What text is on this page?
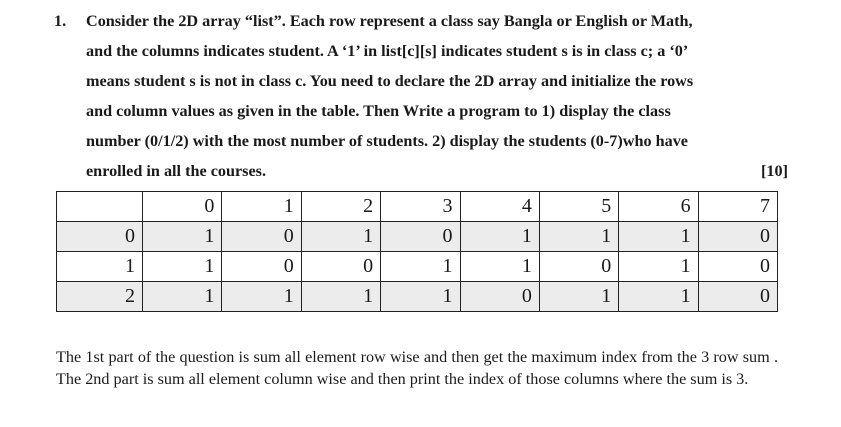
1. Consider the 2D array “list”. Each row represent a class say Bangla or English or Math,
and the columns indicates student. A ‘1’ in list[c][s] indicates student s is in class c; a ‘0’
means student s is not in class c. You need to declare the 2D array and initialize the rows
and column values as given in the table. Then Write a program to 1) display the class
number (0/1/2) with the most number of students. 2) display the students (0-7)who have
enrolled in all the courses.	[10]
	0	1	2	3	4	5	6	7
0	1	0	1	0	1	1	1	0
1	1	0	0	1	1	0	1	0
2	1	1	1	1	0	1	1	0
The 1st part of the question is sum all element row wise and then get the maximum index from the 3 row sum . The 2nd part is sum all element column wise and then print the index of those columns where the sum is 3.
